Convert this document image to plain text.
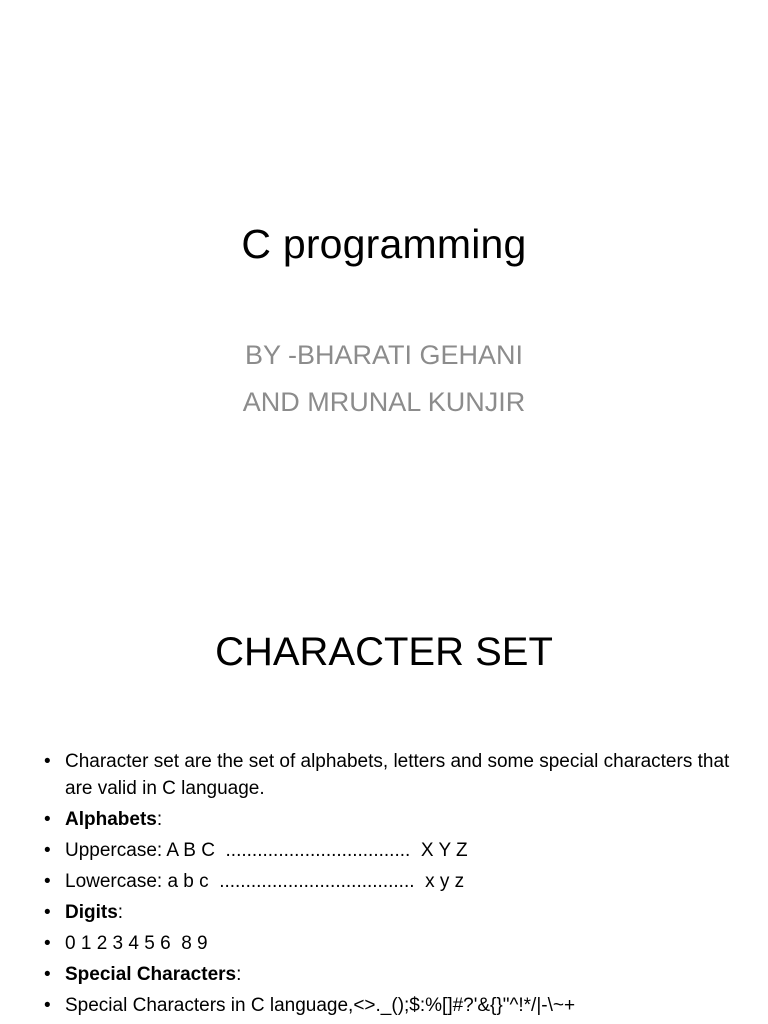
C programming
BY -BHARATI GEHANI
AND MRUNAL KUNJIR
CHARACTER SET
• Character set are the set of alphabets, letters and some special characters that are valid in C language.
• Alphabets:
• Uppercase: A B C  ...................................  X Y Z
• Lowercase: a b c  .....................................  x y z
• Digits:
• 0 1 2 3 4 5 6  8 9
• Special Characters:
• Special Characters in C language,<>._();$:%[]#?'&{}"^!*/|-\~+
